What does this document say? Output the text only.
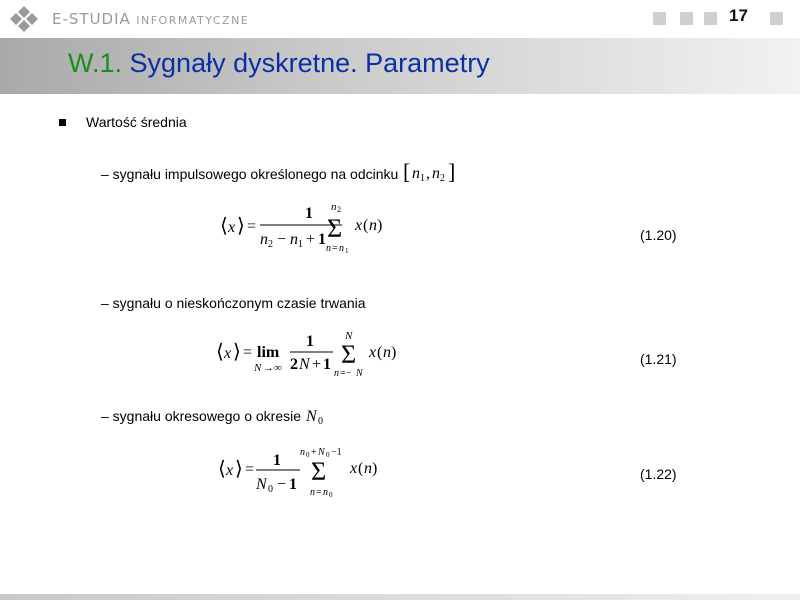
E-STUDIA INFORMATYCZNE	17
W.1. Sygnały dyskretne. Parametry
Wartość średnia
– sygnału impulsowego określonego na odcinku [ n 1 , n 2 ]
⟨ x ⟩ =
1
n 2 − n 1 + 1
n 2
Σ
n = n 1
x ( n )
(1.20)
– sygnału o nieskończonym czasie trwania
⟨ x ⟩ = lim
N →∞
1
2 N + 1
N
Σ
n =− N
x ( n )	(1.21)
– sygnału okresowego o okresie N 0
⟨ x ⟩ =
1
N 0 − 1
n 0 + N 0 −1
Σ
n = n 0
x ( n )	(1.22)
